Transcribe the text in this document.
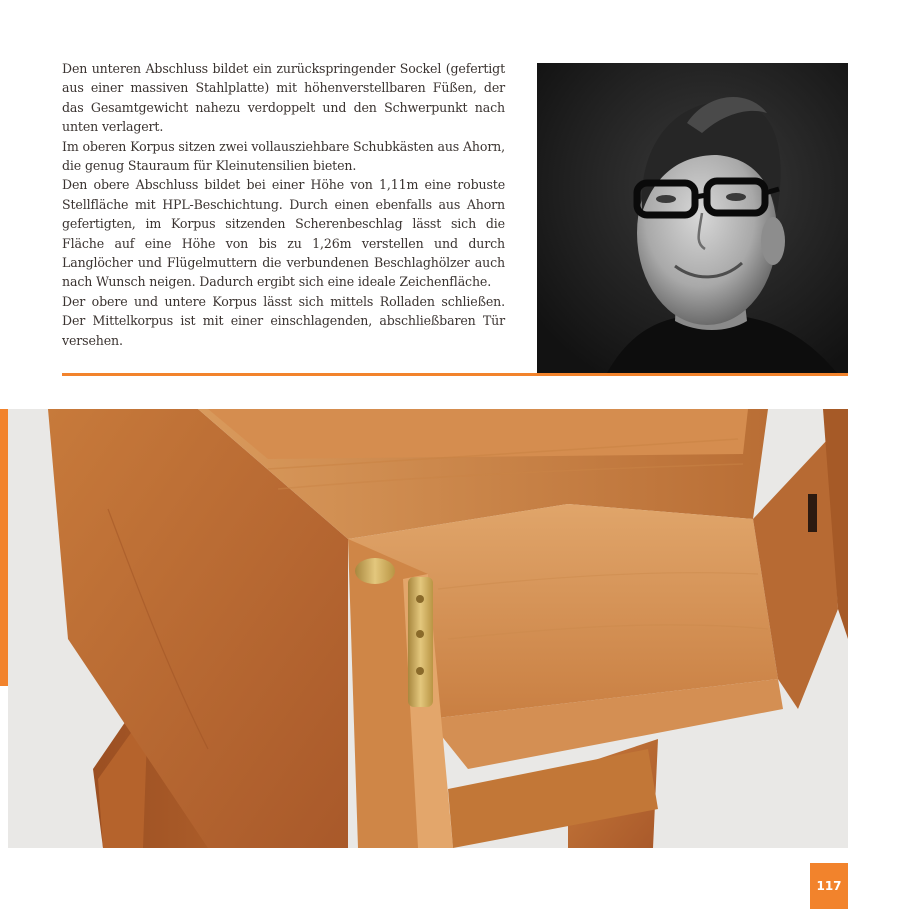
Den unteren Abschluss bildet ein zurückspringender Sockel (gefertigt aus einer massiven Stahlplatte) mit höhenverstellbaren Füßen, der das Gesamtgewicht nahezu verdoppelt und den Schwerpunkt nach unten verlagert.

Im oberen Korpus sitzen zwei vollausziehbare Schubkästen aus Ahorn, die genug Stauraum für Kleinutensilien bieten.

Den obere Abschluss bildet bei einer Höhe von 1,11m eine robuste Stellfläche mit HPL-Beschichtung. Durch einen ebenfalls aus Ahorn gefertigten, im Korpus sitzenden Scherenbeschlag lässt sich die Fläche auf eine Höhe von bis zu 1,26m verstellen und durch Langlöcher und Flügelmuttern die verbundenen Beschlaghölzer auch nach Wunsch neigen. Dadurch ergibt sich eine ideale Zeichenfläche.

Der obere und untere Korpus lässt sich mittels Rolladen schließen. Der Mittelkorpus ist mit einer einschlagenden, abschließbaren Tür versehen.

117
